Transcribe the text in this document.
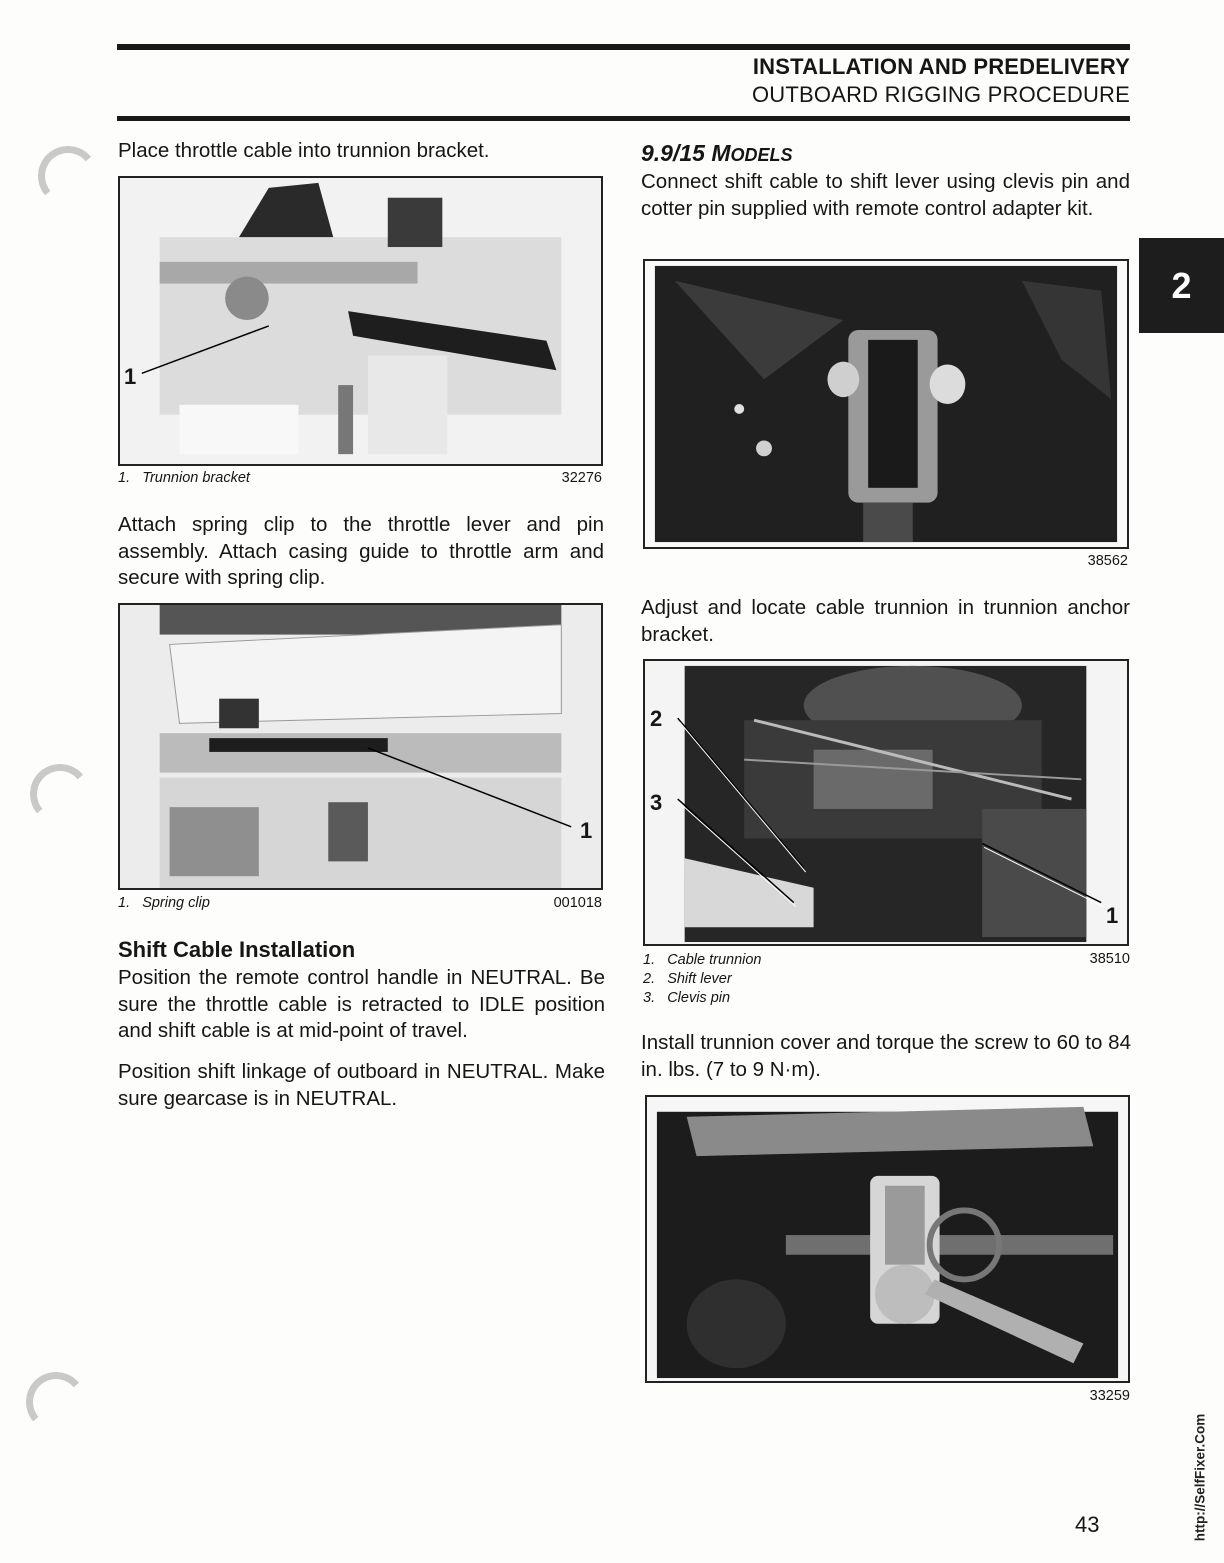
INSTALLATION AND PREDELIVERY
OUTBOARD RIGGING PROCEDURE
2

Place throttle cable into trunnion bracket.

1
1. Trunnion bracket	32276

Attach spring clip to the throttle lever and pin assembly. Attach casing guide to throttle arm and secure with spring clip.

1
1. Spring clip	001018
Shift Cable Installation

Position the remote control handle in NEUTRAL. Be sure the throttle cable is retracted to IDLE position and shift cable is at mid-point of travel.

Position shift linkage of outboard in NEUTRAL. Make sure gearcase is in NEUTRAL.

9.9/15 MODELS

Connect shift cable to shift lever using clevis pin and cotter pin supplied with remote control adapter kit.

38562

Adjust and locate cable trunnion in trunnion anchor bracket.

2
3
1
1. Cable trunnion
2. Shift lever
3. Clevis pin
38510

Install trunnion cover and torque the screw to 60 to 84 in. lbs. (7 to 9 N·m).

33259
43	http://SelfFixer.Com
